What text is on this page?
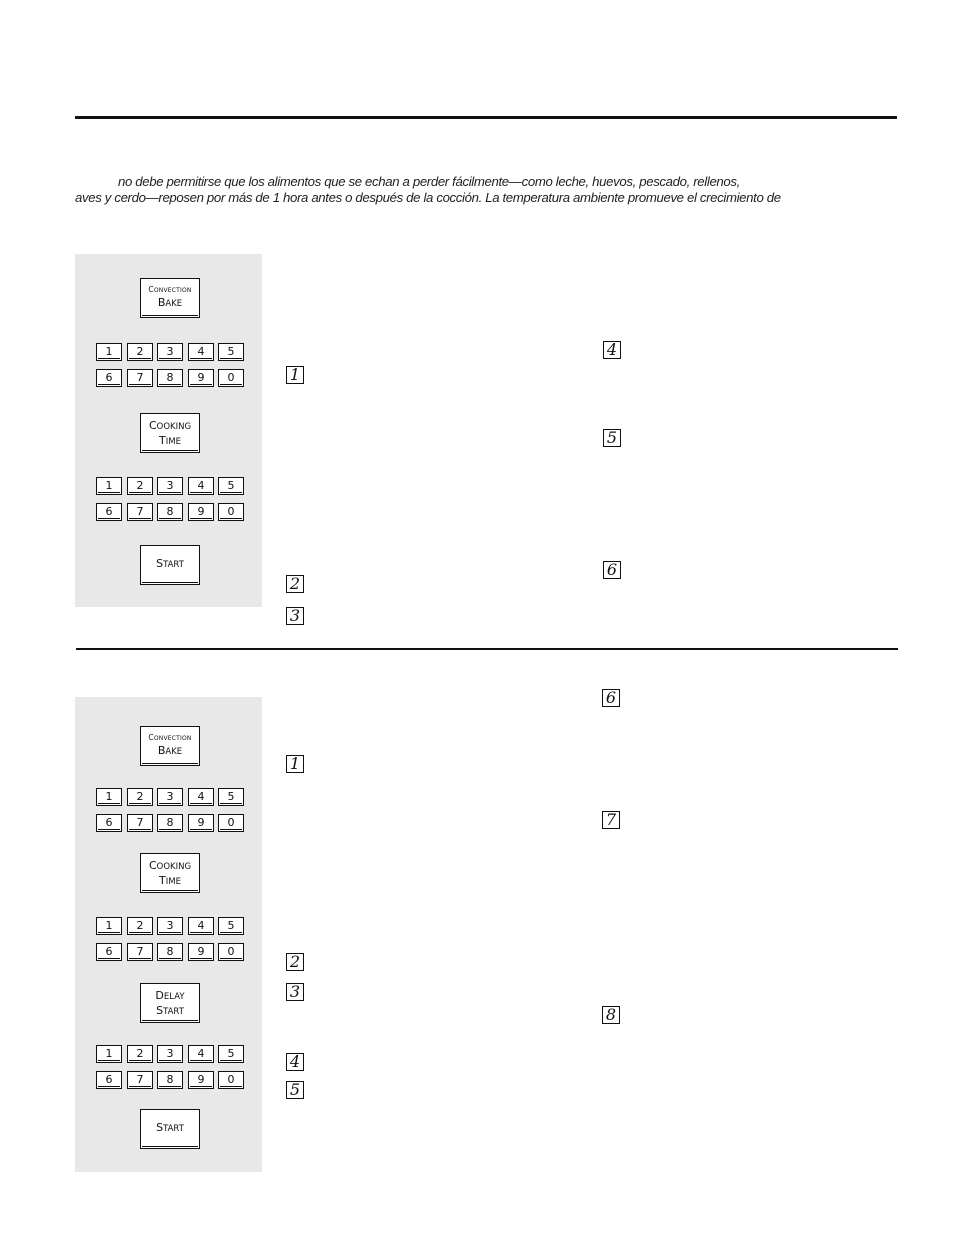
no debe permitirse que los alimentos que se echan a perder fácilmente—como leche, huevos, pescado, rellenos,
aves y cerdo—reposen por más de 1 hora antes o después de la cocción. La temperatura ambiente promueve el crecimiento de
CONVECTION
BAKE
1	2	3	4	5
6	7	8	9	0
COOKING
TIME
1	2	3	4	5
6	7	8	9	0
START
1
2
3
4
5
6
CONVECTION
BAKE
1	2	3	4	5
6	7	8	9	0
COOKING
TIME
1	2	3	4	5
6	7	8	9	0
DELAY
START
1	2	3	4	5
6	7	8	9	0
START
1
2
3
4
5
6
7
8
